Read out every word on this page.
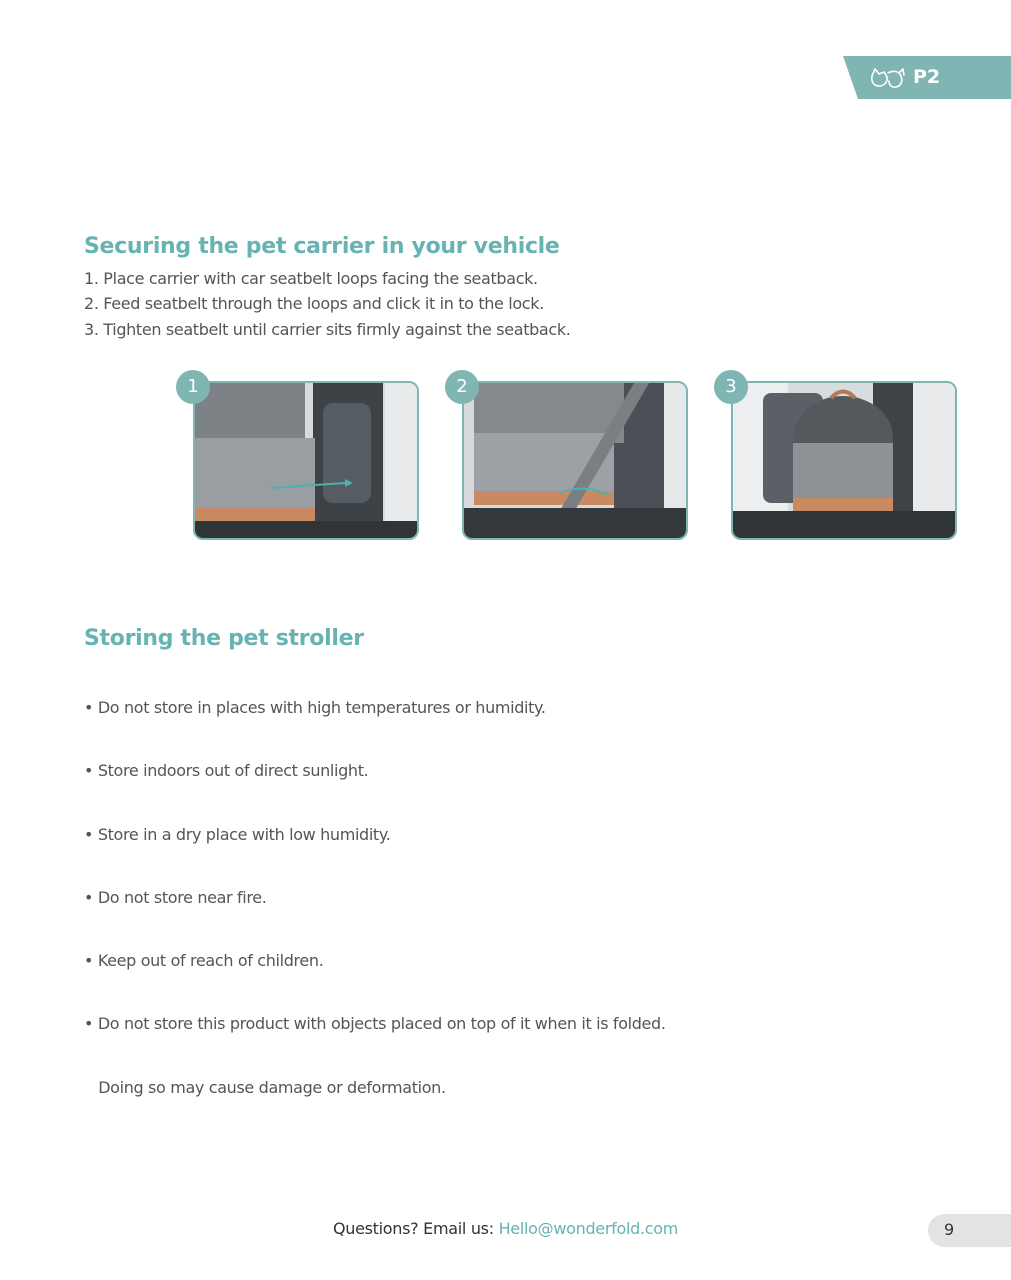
P2
Securing the pet carrier in your vehicle
1. Place carrier with car seatbelt loops facing the seatback.
2. Feed seatbelt through the loops and click it in to the lock.
3. Tighten seatbelt until carrier sits firmly against the seatback.
1	2	3
Storing the pet stroller

• Do not store in places with high temperatures or humidity.

• Store indoors out of direct sunlight.

• Store in a dry place with low humidity.

• Do not store near fire.

• Keep out of reach of children.

• Do not store this product with objects placed on top of it when it is folded.

Doing so may cause damage or deformation.

Questions? Email us: Hello@wonderfold.com	9
